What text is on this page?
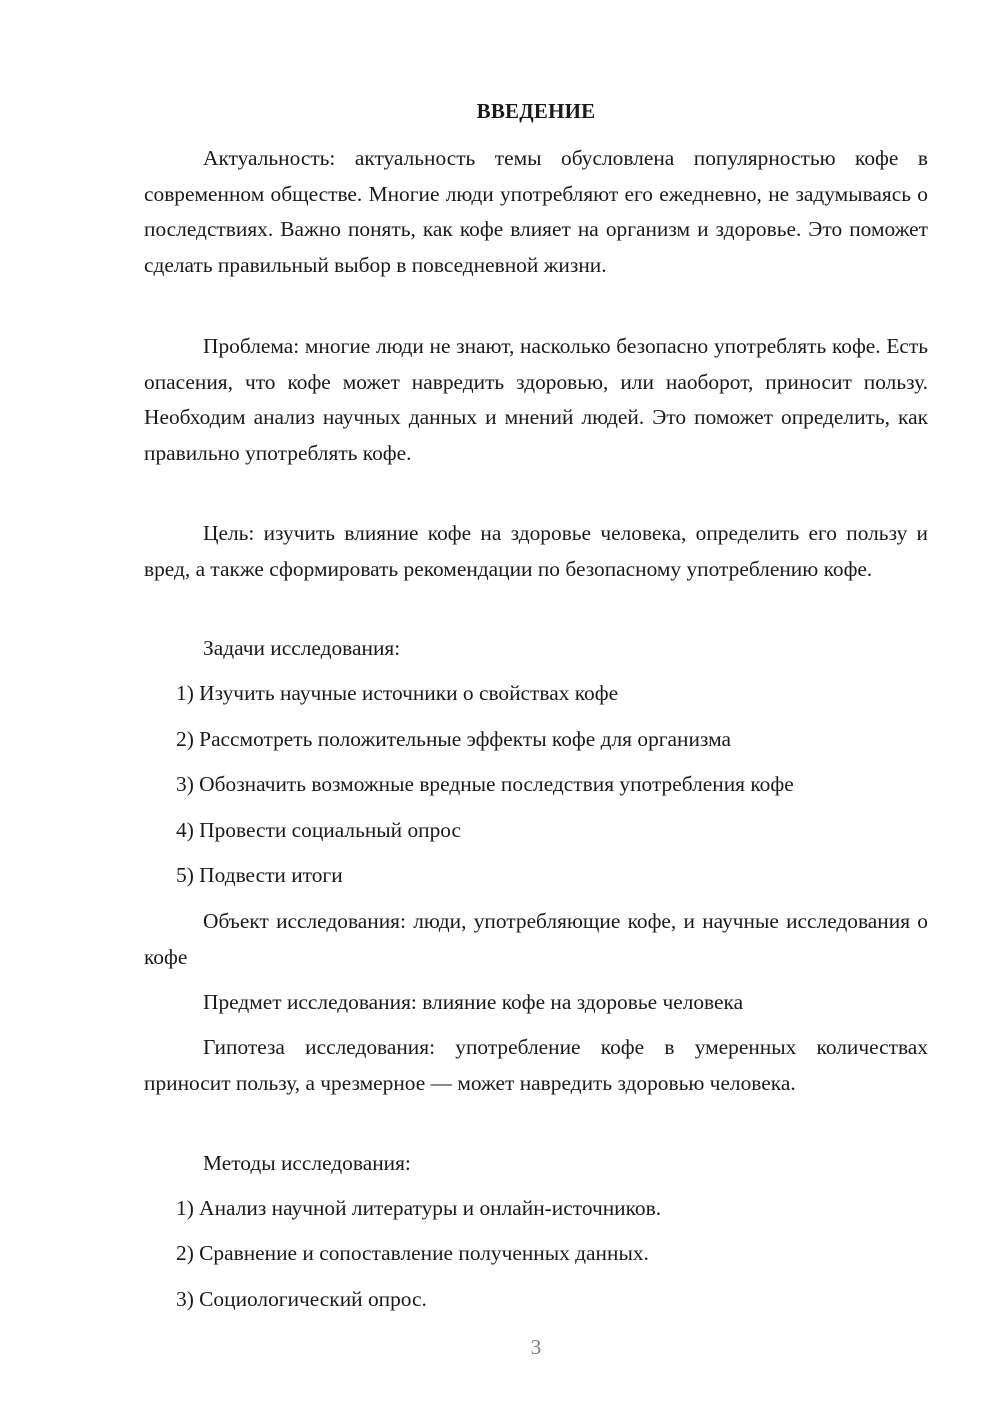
ВВЕДЕНИЕ

Актуальность: актуальность темы обусловлена популярностью кофе в современном обществе. Многие люди употребляют его ежедневно, не задумываясь о последствиях. Важно понять, как кофе влияет на организм и здоровье. Это поможет сделать правильный выбор в повседневной жизни.

Проблема: многие люди не знают, насколько безопасно употреблять кофе. Есть опасения, что кофе может навредить здоровью, или наоборот, приносит пользу. Необходим анализ научных данных и мнений людей. Это поможет определить, как правильно употреблять кофе.

Цель: изучить влияние кофе на здоровье человека, определить его пользу и вред, а также сформировать рекомендации по безопасному употреблению кофе.

Задачи исследования:

1) Изучить научные источники о свойствах кофе

2) Рассмотреть положительные эффекты кофе для организма

3) Обозначить возможные вредные последствия употребления кофе

4) Провести социальный опрос

5) Подвести итоги

Объект исследования: люди, употребляющие кофе, и научные исследования о кофе

Предмет исследования: влияние кофе на здоровье человека

Гипотеза исследования: употребление кофе в умеренных количествах приносит пользу, а чрезмерное — может навредить здоровью человека.

Методы исследования:

1) Анализ научной литературы и онлайн-источников.

2) Сравнение и сопоставление полученных данных.

3) Социологический опрос.

3
